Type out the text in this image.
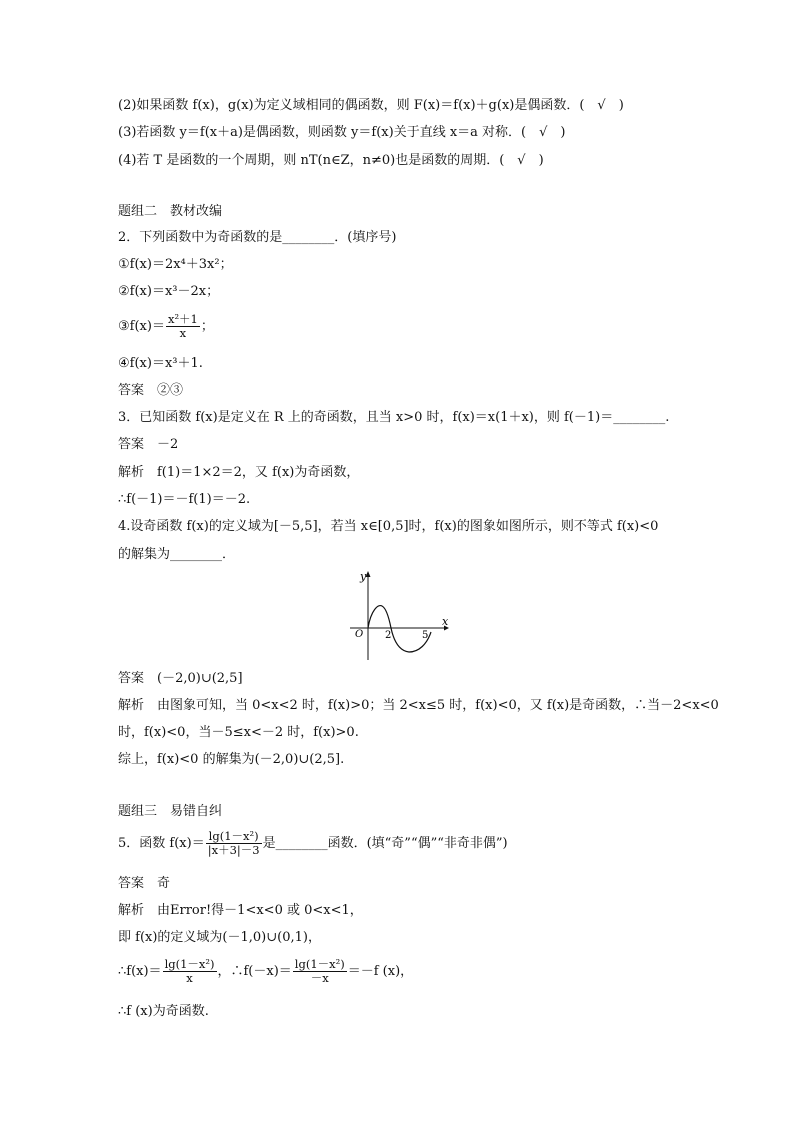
(2)如果函数 f(x)，g(x)为定义域相同的偶函数，则 F(x)＝f(x)＋g(x)是偶函数．(　√　)
(3)若函数 y＝f(x＋a)是偶函数，则函数 y＝f(x)关于直线 x＝a 对称．(　√　)
(4)若 T 是函数的一个周期，则 nT(n∈Z，n≠0)也是函数的周期．(　√　)
题组二　教材改编
2．下列函数中为奇函数的是________．(填序号)
①f(x)＝2x⁴＋3x²；
②f(x)＝x³－2x；
③f(x)＝ $\frac{\text{x²＋1}}{x}$ ；
④f(x)＝x³＋1.
答案　②③
3．已知函数 f(x)是定义在 R 上的奇函数，且当 x>0 时，f(x)＝x(1＋x)，则 f(－1)＝________.
答案　－2
解析　f(1)＝1×2＝2，又 f(x)为奇函数，
∴f(－1)＝－f(1)＝－2.
4.设奇函数 f(x)的定义域为[－5,5]，若当 x∈[0,5]时，f(x)的图象如图所示，则不等式 f(x)<0
的解集为________．
y
x
O 2	5
答案　(－2,0)∪(2,5]
解析　由图象可知，当 0<x<2 时，f(x)>0；当 2<x≤5 时，f(x)<0，又 f(x)是奇函数，∴当－2<x<0
时，f(x)<0，当－5≤x<－2 时，f(x)>0.
综上，f(x)<0 的解集为(－2,0)∪(2,5].
题组三　易错自纠
5．函数 $f(x)= \frac{\text{lg(1－x²)}}{|x+3|-3}$ 是________函数．(填“奇”“偶”“非奇非偶”)
答案　奇
解析　由Error!得－1<x<0 或 0<x<1，
即 f(x)的定义域为(－1,0)∪(0,1)，
∴f(x)＝ $\frac{\text{lg(1－x²)}}{x}$ ，∴f(－x)＝ $\frac{\text{lg(1－x²)}}{-x} =-f$ (x)，
∴f (x)为奇函数.
